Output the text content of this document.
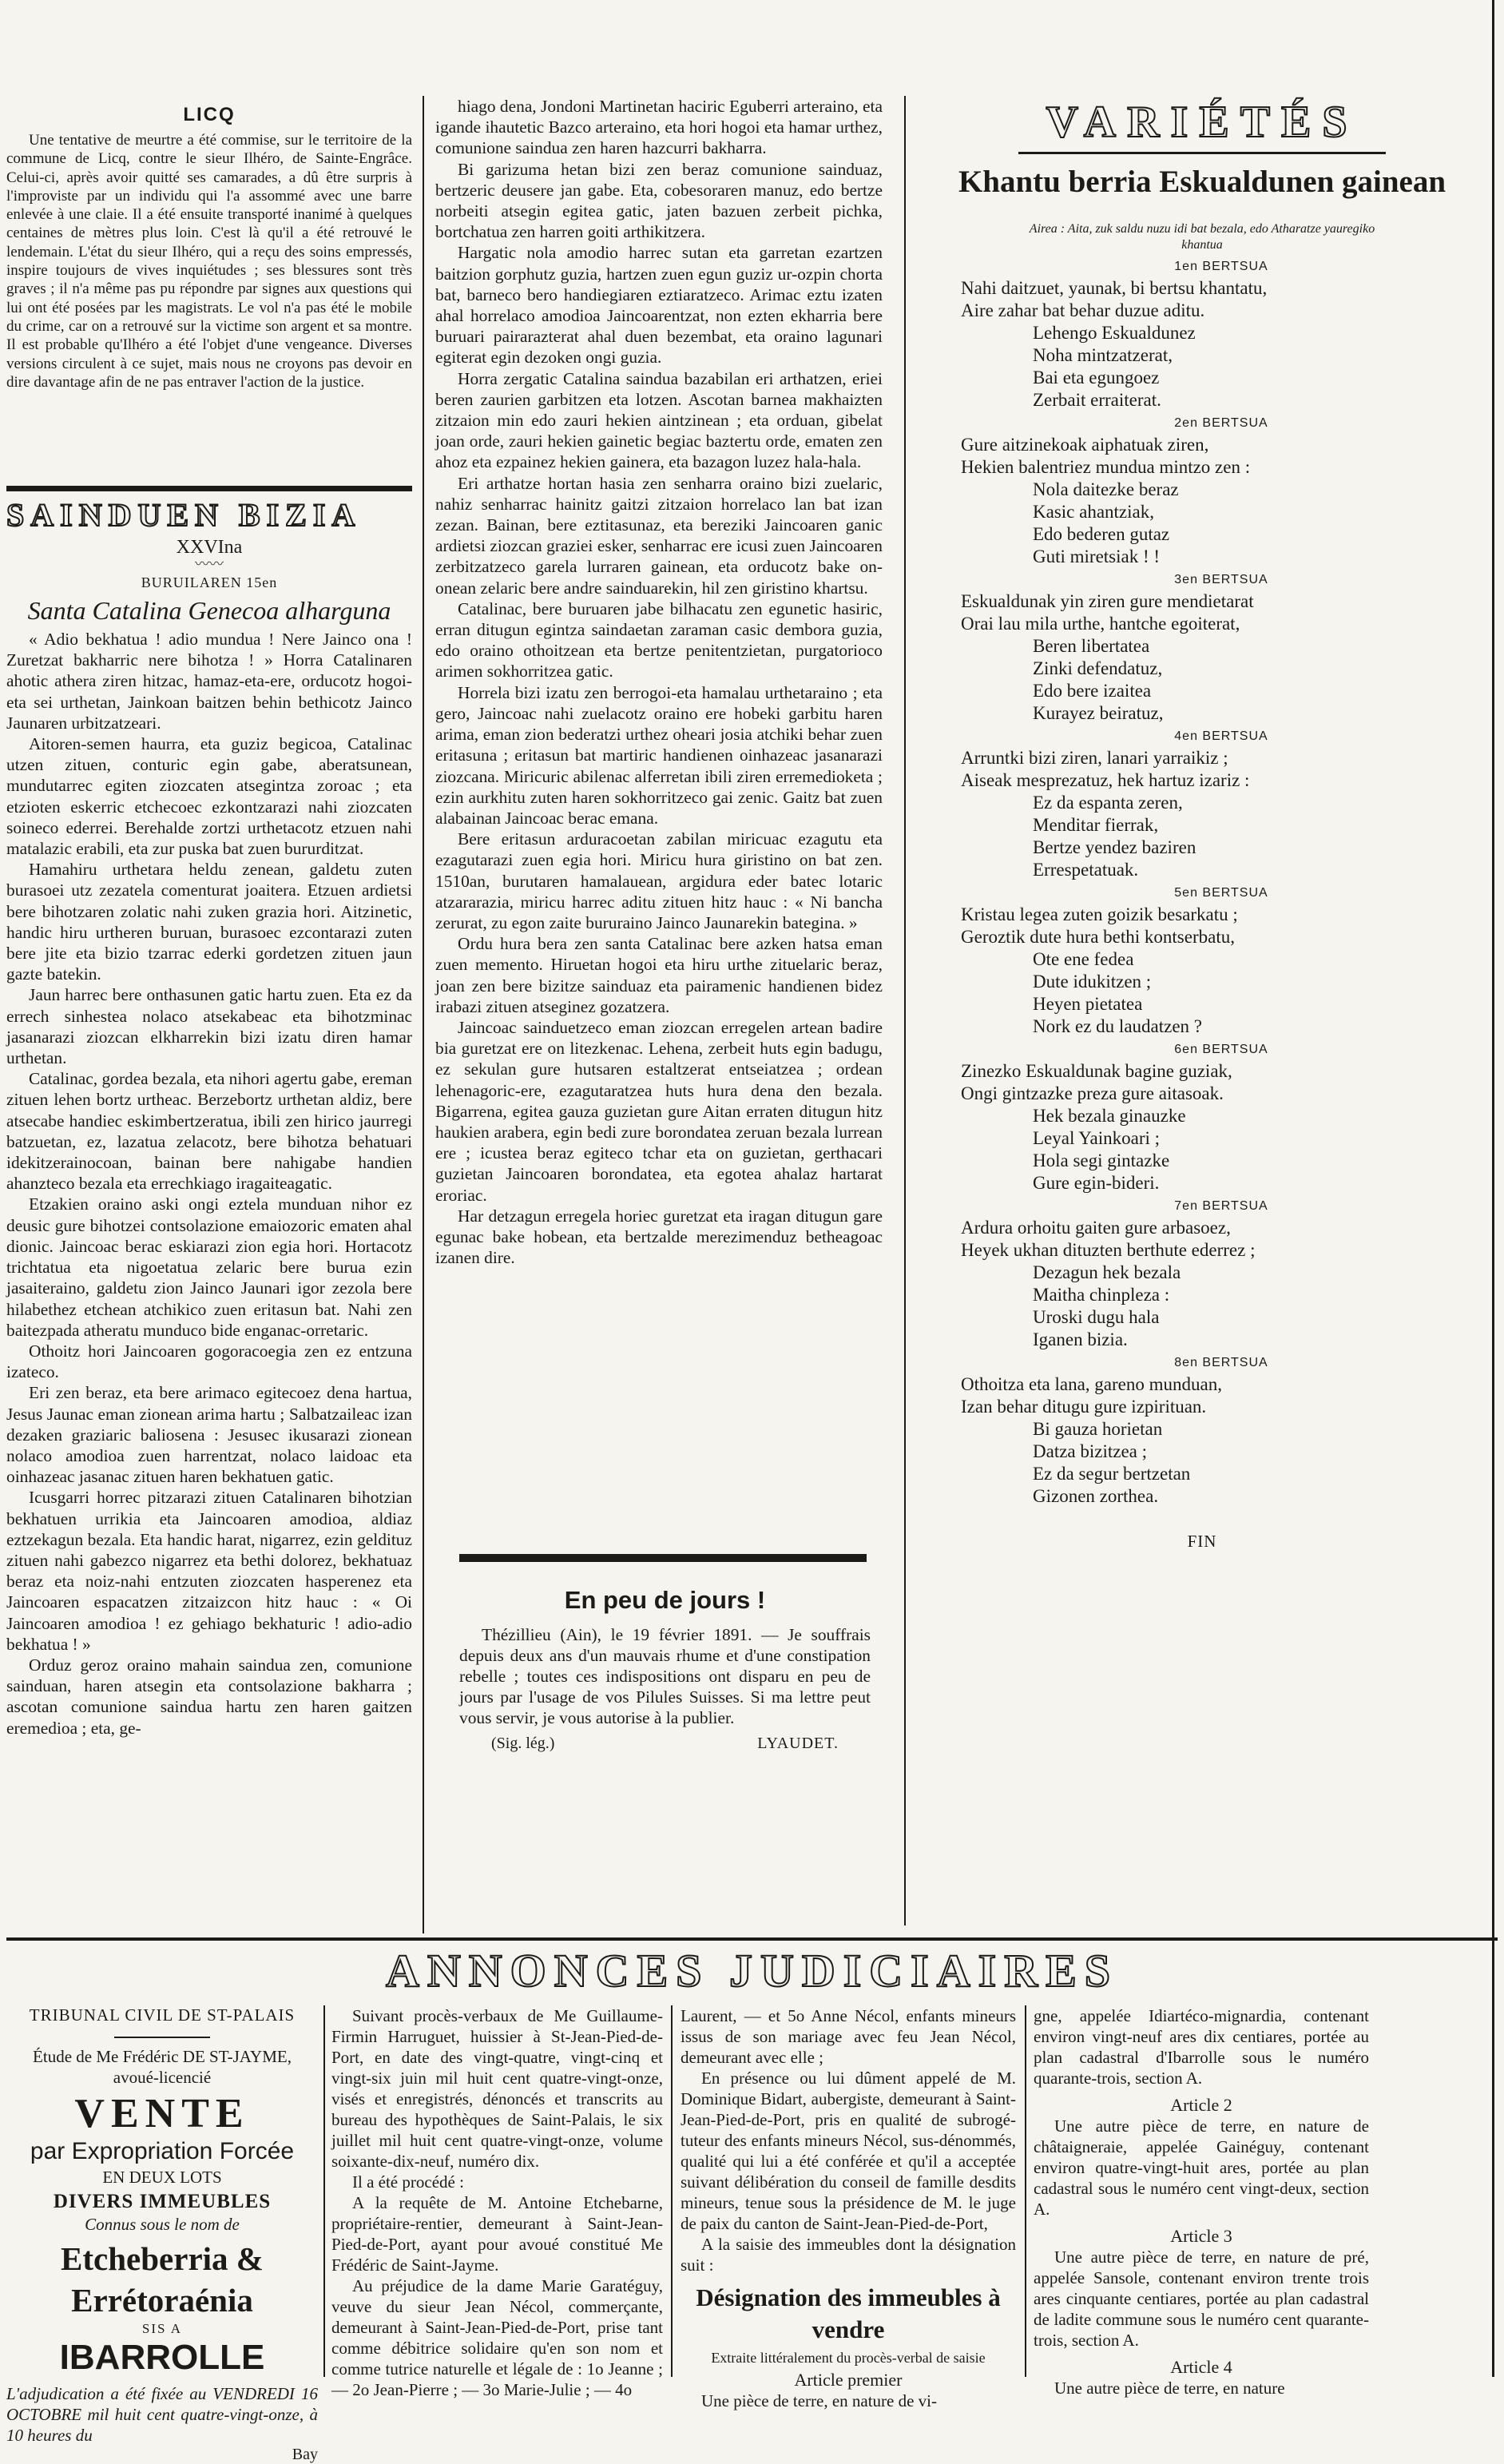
LICQ

Une tentative de meurtre a été commise, sur le territoire de la commune de Licq, contre le sieur Ilhéro, de Sainte-Engrâce. Celui-ci, après avoir quitté ses camarades, a dû être surpris à l'improviste par un individu qui l'a assommé avec une barre enlevée à une claie. Il a été ensuite transporté inanimé à quelques centaines de mètres plus loin. C'est là qu'il a été retrouvé le lendemain. L'état du sieur Ilhéro, qui a reçu des soins empressés, inspire toujours de vives inquiétudes ; ses blessures sont très graves ; il n'a même pas pu répondre par signes aux questions qui lui ont été posées par les magistrats. Le vol n'a pas été le mobile du crime, car on a retrouvé sur la victime son argent et sa montre. Il est probable qu'Ilhéro a été l'objet d'une vengeance. Diverses versions circulent à ce sujet, mais nous ne croyons pas devoir en dire davantage afin de ne pas entraver l'action de la justice.

SAINDUEN BIZIA
XXVIna
〰〰
BURUILAREN 15en
Santa Catalina Genecoa alharguna

« Adio bekhatua ! adio mundua ! Nere Jainco ona ! Zuretzat bakharric nere bihotza ! » Horra Catalinaren ahotic athera ziren hitzac, hamaz-eta-ere, orducotz hogoi-eta sei urthetan, Jainkoan baitzen behin bethicotz Jainco Jaunaren urbitzatzeari.

Aitoren-semen haurra, eta guziz begicoa, Catalinac utzen zituen, conturic egin gabe, aberatsunean, mundutarrec egiten ziozcaten atsegintza zoroac ; eta etzioten eskerric etchecoec ezkontzarazi nahi ziozcaten soineco ederrei. Berehalde zortzi urthetacotz etzuen nahi matalazic erabili, eta zur puska bat zuen bururditzat.

Hamahiru urthetara heldu zenean, galdetu zuten burasoei utz zezatela comenturat joaitera. Etzuen ardietsi bere bihotzaren zolatic nahi zuken grazia hori. Aitzinetic, handic hiru urtheren buruan, burasoec ezcontarazi zuten bere jite eta bizio tzarrac ederki gordetzen zituen jaun gazte batekin.

Jaun harrec bere onthasunen gatic hartu zuen. Eta ez da errech sinhestea nolaco atsekabeac eta bihotzminac jasanarazi ziozcan elkharrekin bizi izatu diren hamar urthetan.

Catalinac, gordea bezala, eta nihori agertu gabe, ereman zituen lehen bortz urtheac. Berzebortz urthetan aldiz, bere atsecabe handiec eskimbertzeratua, ibili zen hirico jaurregi batzuetan, ez, lazatua zelacotz, bere bihotza behatuari idekitzerainocoan, bainan bere nahigabe handien ahanzteco bezala eta errechkiago iragaiteagatic.

Etzakien oraino aski ongi eztela munduan nihor ez deusic gure bihotzei contsolazione emaiozoric ematen ahal dionic. Jaincoac berac eskiarazi zion egia hori. Hortacotz trichtatua eta nigoetatua zelaric bere burua ezin jasaiteraino, galdetu zion Jainco Jaunari igor zezola bere hilabethez etchean atchikico zuen eritasun bat. Nahi zen baitezpada atheratu munduco bide enganac-orretaric.

Othoitz hori Jaincoaren gogoracoegia zen ez entzuna izateco.

Eri zen beraz, eta bere arimaco egitecoez dena hartua, Jesus Jaunac eman zionean arima hartu ; Salbatzaileac izan dezaken graziaric baliosena : Jesusec ikusarazi zionean nolaco amodioa zuen harrentzat, nolaco laidoac eta oinhazeac jasanac zituen haren bekhatuen gatic.

Icusgarri horrec pitzarazi zituen Catalinaren bihotzian bekhatuen urrikia eta Jaincoaren amodioa, aldiaz eztzekagun bezala. Eta handic harat, nigarrez, ezin geldituz zituen nahi gabezco nigarrez eta bethi dolorez, bekhatuaz beraz eta noiz-nahi entzuten ziozcaten hasperenez eta Jaincoaren espacatzen zitzaizcon hitz hauc : « Oi Jaincoaren amodioa ! ez gehiago bekhaturic ! adio-adio bekhatua ! »

Orduz geroz oraino mahain saindua zen, comunione sainduan, haren atsegin eta contsolazione bakharra ; ascotan comunione saindua hartu zen haren gaitzen eremedioa ; eta, ge-

hiago dena, Jondoni Martinetan haciric Eguberri arteraino, eta igande ihautetic Bazco arteraino, eta hori hogoi eta hamar urthez, comunione saindua zen haren hazcurri bakharra.

Bi garizuma hetan bizi zen beraz comunione sainduaz, bertzeric deusere jan gabe. Eta, cobesoraren manuz, edo bertze norbeiti atsegin egitea gatic, jaten bazuen zerbeit pichka, bortchatua zen harren goiti arthikitzera.

Hargatic nola amodio harrec sutan eta garretan ezartzen baitzion gorphutz guzia, hartzen zuen egun guziz ur-ozpin chorta bat, barneco bero handiegiaren eztiaratzeco. Arimac eztu izaten ahal horrelaco amodioa Jaincoarentzat, non ezten ekharria bere buruari pairarazterat ahal duen bezembat, eta oraino lagunari egiterat egin dezoken ongi guzia.

Horra zergatic Catalina saindua bazabilan eri arthatzen, eriei beren zaurien garbitzen eta lotzen. Ascotan barnea makhaizten zitzaion min edo zauri hekien aintzinean ; eta orduan, gibelat joan orde, zauri hekien gainetic begiac baztertu orde, ematen zen ahoz eta ezpainez hekien gainera, eta bazagon luzez hala-hala.

Eri arthatze hortan hasia zen senharra oraino bizi zuelaric, nahiz senharrac hainitz gaitzi zitzaion horrelaco lan bat izan zezan. Bainan, bere eztitasunaz, eta bereziki Jaincoaren ganic ardietsi ziozcan graziei esker, senharrac ere icusi zuen Jaincoaren zerbitzatzeco garela lurraren gainean, eta orducotz bake on-onean zelaric bere andre sainduarekin, hil zen giristino khartsu.

Catalinac, bere buruaren jabe bilhacatu zen egunetic hasiric, erran ditugun egintza saindaetan zaraman casic dembora guzia, edo oraino othoitzean eta bertze penitentzietan, purgatorioco arimen sokhorritzea gatic.

Horrela bizi izatu zen berrogoi-eta hamalau urthetaraino ; eta gero, Jaincoac nahi zuelacotz oraino ere hobeki garbitu haren arima, eman zion bederatzi urthez oheari josia atchiki behar zuen eritasuna ; eritasun bat martiric handienen oinhazeac jasanarazi ziozcana. Miricuric abilenac alferretan ibili ziren erremedioketa ; ezin aurkhitu zuten haren sokhorritzeco gai zenic. Gaitz bat zuen alabainan Jaincoac berac emana.

Bere eritasun arduracoetan zabilan miricuac ezagutu eta ezagutarazi zuen egia hori. Miricu hura giristino on bat zen. 1510an, burutaren hamalauean, argidura eder batec lotaric atzararazia, miricu harrec aditu zituen hitz hauc : « Ni bancha zerurat, zu egon zaite bururaino Jainco Jaunarekin bategina. »

Ordu hura bera zen santa Catalinac bere azken hatsa eman zuen memento. Hiruetan hogoi eta hiru urthe zituelaric beraz, joan zen bere bizitze sainduaz eta pairamenic handienen bidez irabazi zituen atseginez gozatzera.

Jaincoac sainduetzeco eman ziozcan erregelen artean badire bia guretzat ere on litezkenac. Lehena, zerbeit huts egin badugu, ez sekulan gure hutsaren estaltzerat entseiatzea ; ordean lehenagoric-ere, ezagutaratzea huts hura dena den bezala. Bigarrena, egitea gauza guzietan gure Aitan erraten ditugun hitz haukien arabera, egin bedi zure borondatea zeruan bezala lurrean ere ; icustea beraz egiteco tchar eta on guzietan, gerthacari guzietan Jaincoaren borondatea, eta egotea ahalaz hartarat eroriac.

Har detzagun erregela horiec guretzat eta iragan ditugun gare egunac bake hobean, eta bertzalde merezimenduz betheagoac izanen dire.

En peu de jours !

Thézillieu (Ain), le 19 février 1891. — Je souffrais depuis deux ans d'un mauvais rhume et d'une constipation rebelle ; toutes ces indispositions ont disparu en peu de jours par l'usage de vos Pilules Suisses. Si ma lettre peut vous servir, je vous autorise à la publier.

(Sig. lég.)	LYAUDET.
VARIÉTÉS
Khantu berria Eskualdunen gainean
Airea : Aita, zuk saldu nuzu idi bat bezala, edo Atharatze yauregiko khantua
1en BERTSUA

Nahi daitzuet, yaunak, bi bertsu khantatu,

Aire zahar bat behar duzue aditu.

Lehengo Eskualdunez

Noha mintzatzerat,

Bai eta egungoez

Zerbait erraiterat.

2en BERTSUA

Gure aitzinekoak aiphatuak ziren,

Hekien balentriez mundua mintzo zen :

Nola daitezke beraz

Kasic ahantziak,

Edo bederen gutaz

Guti miretsiak ! !

3en BERTSUA

Eskualdunak yin ziren gure mendietarat

Orai lau mila urthe, hantche egoiterat,

Beren libertatea

Zinki defendatuz,

Edo bere izaitea

Kurayez beiratuz,

4en BERTSUA

Arruntki bizi ziren, lanari yarraikiz ;

Aiseak mesprezatuz, hek hartuz izariz :

Ez da espanta zeren,

Menditar fierrak,

Bertze yendez baziren

Errespetatuak.

5en BERTSUA

Kristau legea zuten goizik besarkatu ;

Geroztik dute hura bethi kontserbatu,

Ote ene fedea

Dute idukitzen ;

Heyen pietatea

Nork ez du laudatzen ?

6en BERTSUA

Zinezko Eskualdunak bagine guziak,

Ongi gintzazke preza gure aitasoak.

Hek bezala ginauzke

Leyal Yainkoari ;

Hola segi gintazke

Gure egin-bideri.

7en BERTSUA

Ardura orhoitu gaiten gure arbasoez,

Heyek ukhan dituzten berthute ederrez ;

Dezagun hek bezala

Maitha chinpleza :

Uroski dugu hala

Iganen bizia.

8en BERTSUA

Othoitza eta lana, gareno munduan,

Izan behar ditugu gure izpirituan.

Bi gauza horietan

Datza bizitzea ;

Ez da segur bertzetan

Gizonen zorthea.

FIN
ANNONCES JUDICIAIRES
TRIBUNAL CIVIL DE ST-PALAIS
Étude de Me Frédéric DE ST-JAYME, avoué-licencié
VENTE
par Expropriation Forcée
EN DEUX LOTS
DIVERS IMMEUBLES
Connus sous le nom de
Etcheberria & Errétoraénia
SIS A
IBARROLLE
L'adjudication a été fixée au VENDREDI 16 OCTOBRE mil huit cent quatre-vingt-onze, à 10 heures du
Bay

Suivant procès-verbaux de Me Guillaume-Firmin Harruguet, huissier à St-Jean-Pied-de-Port, en date des vingt-quatre, vingt-cinq et vingt-six juin mil huit cent quatre-vingt-onze, visés et enregistrés, dénoncés et transcrits au bureau des hypothèques de Saint-Palais, le six juillet mil huit cent quatre-vingt-onze, volume soixante-dix-neuf, numéro dix.

Il a été procédé :

A la requête de M. Antoine Etchebarne, propriétaire-rentier, demeurant à Saint-Jean-Pied-de-Port, ayant pour avoué constitué Me Frédéric de Saint-Jayme.

Au préjudice de la dame Marie Garatéguy, veuve du sieur Jean Nécol, commerçante, demeurant à Saint-Jean-Pied-de-Port, prise tant comme débitrice solidaire qu'en son nom et comme tutrice naturelle et légale de : 1o Jeanne ; — 2o Jean-Pierre ; — 3o Marie-Julie ; — 4o

Laurent, — et 5o Anne Nécol, enfants mineurs issus de son mariage avec feu Jean Nécol, demeurant avec elle ;

En présence ou lui dûment appelé de M. Dominique Bidart, aubergiste, demeurant à Saint-Jean-Pied-de-Port, pris en qualité de subrogé-tuteur des enfants mineurs Nécol, sus-dénommés, qualité qui lui a été conférée et qu'il a acceptée suivant délibération du conseil de famille desdits mineurs, tenue sous la présidence de M. le juge de paix du canton de Saint-Jean-Pied-de-Port,

A la saisie des immeubles dont la désignation suit :

Désignation des immeubles à vendre
Extraite littéralement du procès-verbal de saisie
Article premier

Une pièce de terre, en nature de vi-

gne, appelée Idiartéco-mignardia, contenant environ vingt-neuf ares dix centiares, portée au plan cadastral d'Ibarrolle sous le numéro quarante-trois, section A.

Article 2

Une autre pièce de terre, en nature de châtaigneraie, appelée Gainéguy, contenant environ quatre-vingt-huit ares, portée au plan cadastral sous le numéro cent vingt-deux, section A.

Article 3

Une autre pièce de terre, en nature de pré, appelée Sansole, contenant environ trente trois ares cinquante centiares, portée au plan cadastral de ladite commune sous le numéro cent quarante-trois, section A.

Article 4

Une autre pièce de terre, en nature
